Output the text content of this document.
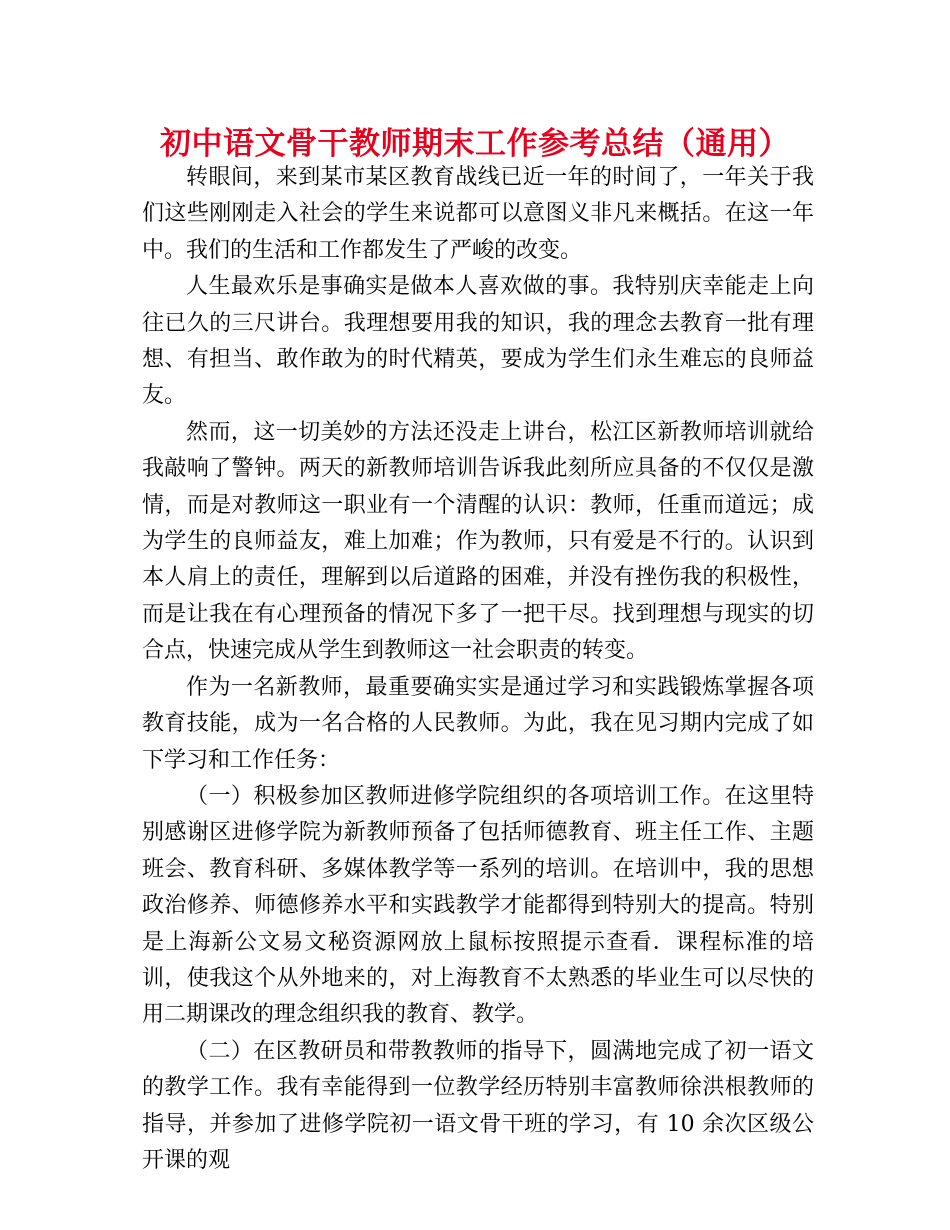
初中语文骨干教师期末工作参考总结（通用）

转眼间，来到某市某区教育战线已近一年的时间了，一年关于我们这些刚刚走入社会的学生来说都可以意图义非凡来概括。在这一年中。我们的生活和工作都发生了严峻的改变。

人生最欢乐是事确实是做本人喜欢做的事。我特别庆幸能走上向往已久的三尺讲台。我理想要用我的知识，我的理念去教育一批有理想、有担当、敢作敢为的时代精英，要成为学生们永生难忘的良师益友。

然而，这一切美妙的方法还没走上讲台，松江区新教师培训就给我敲响了警钟。两天的新教师培训告诉我此刻所应具备的不仅仅是激情，而是对教师这一职业有一个清醒的认识：教师，任重而道远；成为学生的良师益友，难上加难；作为教师，只有爱是不行的。认识到本人肩上的责任，理解到以后道路的困难，并没有挫伤我的积极性，而是让我在有心理预备的情况下多了一把干尽。找到理想与现实的切合点，快速完成从学生到教师这一社会职责的转变。

作为一名新教师，最重要确实实是通过学习和实践锻炼掌握各项教育技能，成为一名合格的人民教师。为此，我在见习期内完成了如下学习和工作任务：

（一）积极参加区教师进修学院组织的各项培训工作。在这里特别感谢区进修学院为新教师预备了包括师德教育、班主任工作、主题班会、教育科研、多媒体教学等一系列的培训。在培训中，我的思想政治修养、师德修养水平和实践教学才能都得到特别大的提高。特别是上海新公文易文秘资源网放上鼠标按照提示查看．课程标准的培训，使我这个从外地来的，对上海教育不太熟悉的毕业生可以尽快的用二期课改的理念组织我的教育、教学。

（二）在区教研员和带教教师的指导下，圆满地完成了初一语文的教学工作。我有幸能得到一位教学经历特别丰富教师徐洪根教师的指导，并参加了进修学院初一语文骨干班的学习，有 10 余次区级公开课的观
